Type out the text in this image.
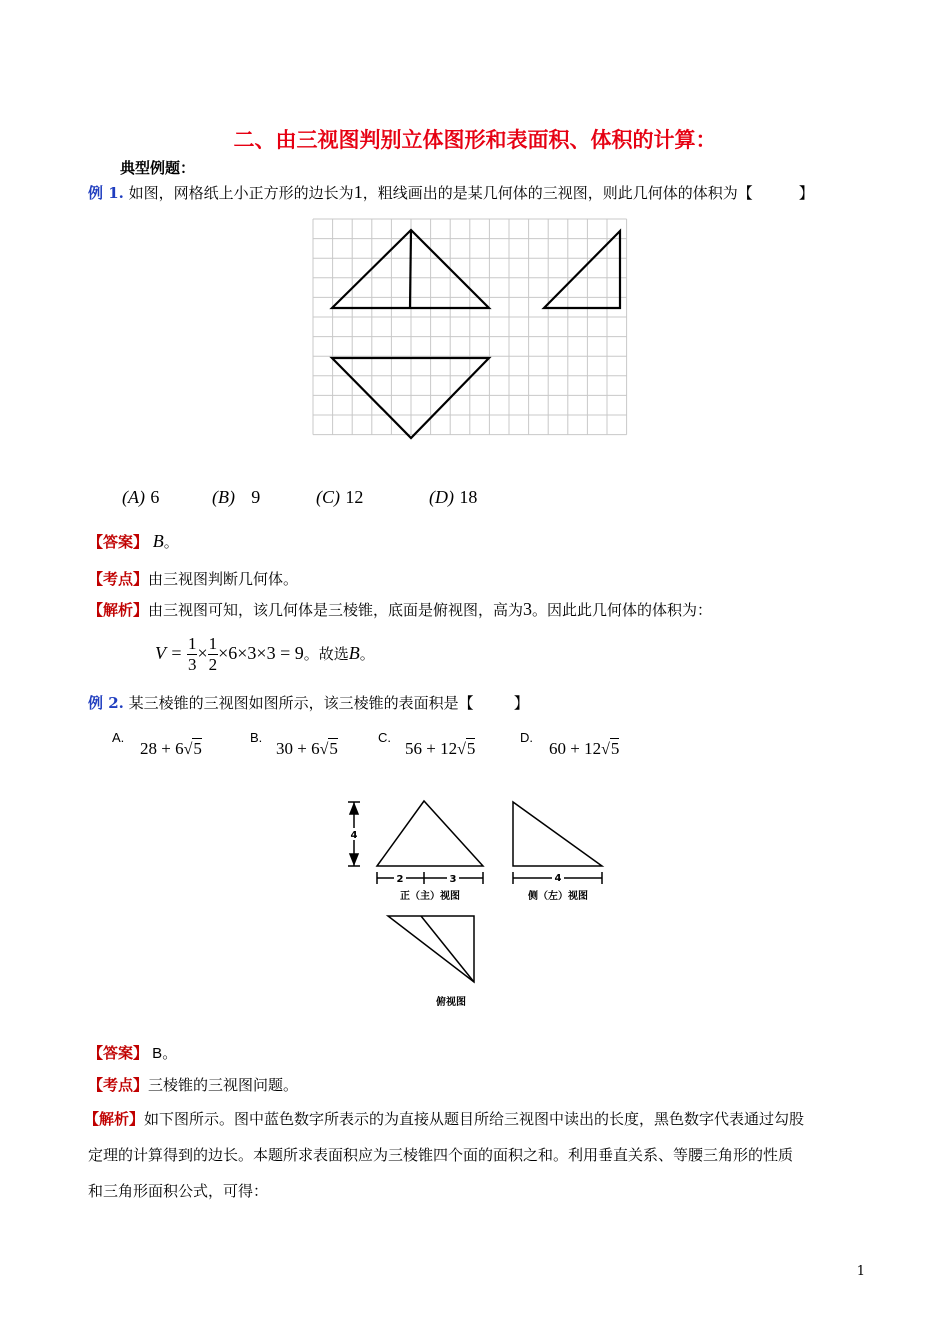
二、由三视图判别立体图形和表面积、体积的计算：
典型例题：
例 1. 如图，网格纸上小正方形的边长为1，粗线画出的是某几何体的三视图，则此几何体的体积为【	】
(A) 6	(B) 9	(C) 12	(D) 18
【答案】 B。
【考点】由三视图判断几何体。
【解析】由三视图可知，该几何体是三棱锥，底面是俯视图，高为3。因此此几何体的体积为：
$V = \frac{1}{3} \times \frac{1}{2} \times 6\times 3\times 3 = 9$。故选B。
例 2. 某三棱锥的三视图如图所示，该三棱锥的表面积是【	】
A.
28 + 6√5
B.
30 + 6√5
C.
56 + 12√5
D.
60 + 12√5
4
2	3	4
正（主）视图	侧（左）视图
俯视图
【答案】 B。
【考点】三棱锥的三视图问题。
【解析】如下图所示。图中蓝色数字所表示的为直接从题目所给三视图中读出的长度，黑色数字代表通过勾股
定理的计算得到的边长。本题所求表面积应为三棱锥四个面的面积之和。利用垂直关系、等腰三角形的性质
和三角形面积公式，可得：
1
